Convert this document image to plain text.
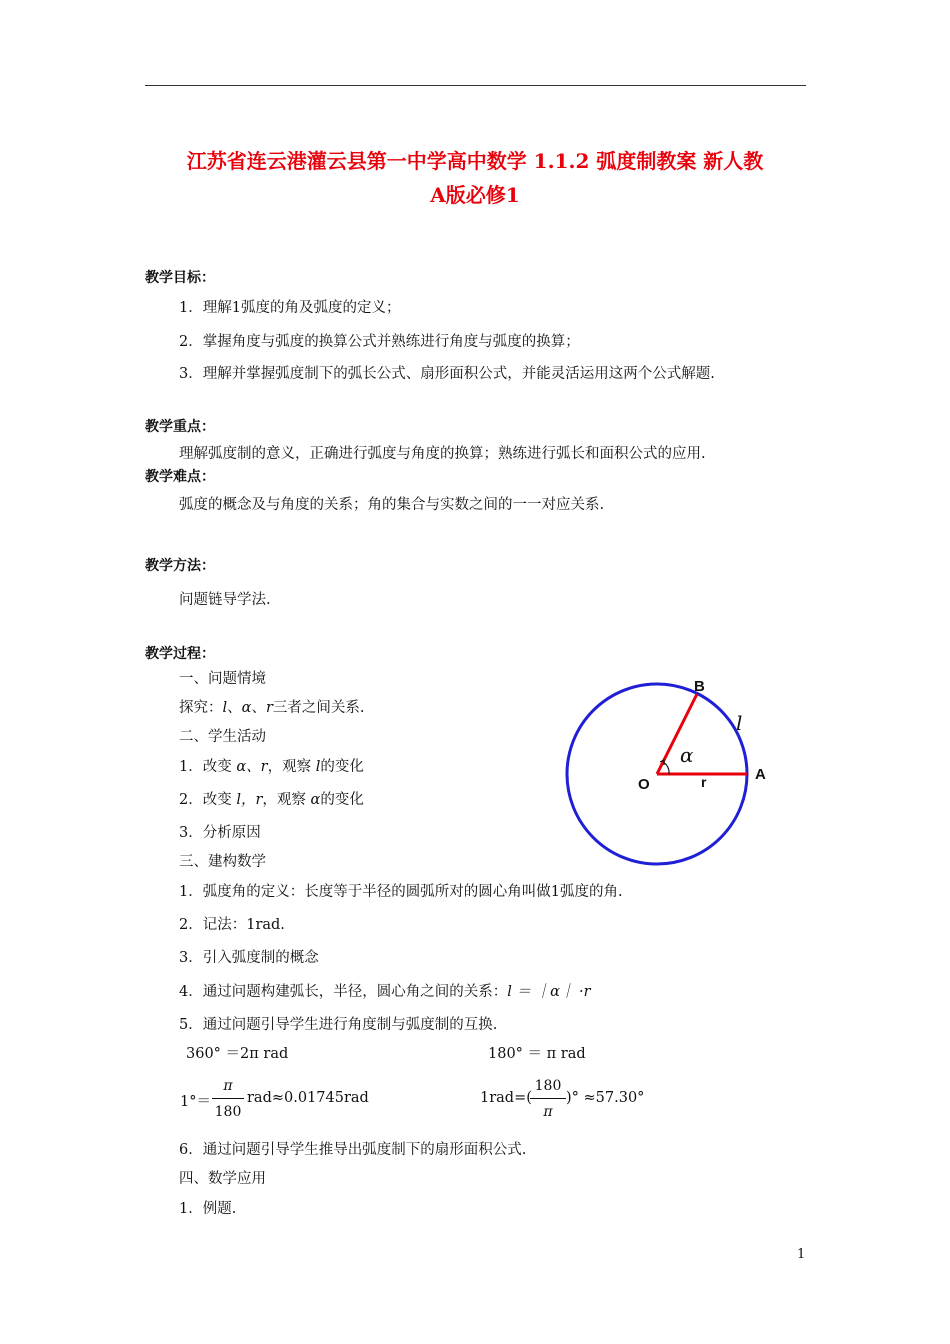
江苏省连云港灌云县第一中学高中数学 1.1.2 弧度制教案 新人教
A版必修1
教学目标：
1．理解1弧度的角及弧度的定义；
2．掌握角度与弧度的换算公式并熟练进行角度与弧度的换算；
3．理解并掌握弧度制下的弧长公式、扇形面积公式，并能灵活运用这两个公式解题.
教学重点：
理解弧度制的意义，正确进行弧度与角度的换算；熟练进行弧长和面积公式的应用.
教学难点：
弧度的概念及与角度的关系；角的集合与实数之间的一一对应关系.
教学方法：
问题链导学法.
教学过程：
一、问题情境
探究：l、α、r三者之间关系.
二、学生活动
1．改变 α、r，观察 l的变化
2．改变 l，r，观察 α的变化
3．分析原因
三、建构数学
1．弧度角的定义：长度等于半径的圆弧所对的圆心角叫做1弧度的角.
2．记法：1rad.
3．引入弧度制的概念
4．通过问题构建弧长，半径，圆心角之间的关系：l ＝ ｜α｜ ·r
5．通过问题引导学生进行角度制与弧度制的互换.
360° ＝2π rad	180° ＝ π rad
1°＝
π
180
rad≈0.01745rad	1rad=(
180
π
)° ≈57.30°
6．通过问题引导学生推导出弧度制下的扇形面积公式.
四、数学应用
1．例题.
B
A
O	r
l
α
1
